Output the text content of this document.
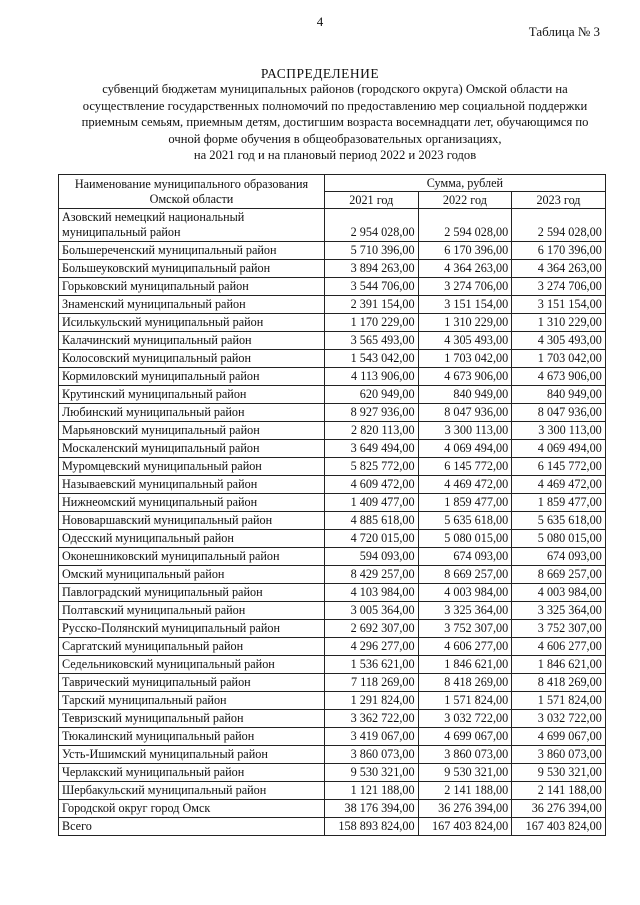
4
Таблица № 3
РАСПРЕДЕЛЕНИЕ
субвенций бюджетам муниципальных районов (городского округа) Омской области на
осуществление государственных полномочий по предоставлению мер социальной поддержки
приемным семьям, приемным детям, достигшим возраста восемнадцати лет, обучающимся по
очной форме обучения в общеобразовательных организациях,
на 2021 год и на плановый период 2022 и 2023 годов
Наименование муниципального образования Омской области	Сумма, рублей		
	2021 год	2022 год	2023 год
Азовский немецкий национальный муниципальный район	2 954 028,00	2 594 028,00	2 594 028,00
Большереченский муниципальный район	5 710 396,00	6 170 396,00	6 170 396,00
Большеуковский муниципальный район	3 894 263,00	4 364 263,00	4 364 263,00
Горьковский муниципальный район	3 544 706,00	3 274 706,00	3 274 706,00
Знаменский муниципальный район	2 391 154,00	3 151 154,00	3 151 154,00
Исилькульский муниципальный район	1 170 229,00	1 310 229,00	1 310 229,00
Калачинский муниципальный район	3 565 493,00	4 305 493,00	4 305 493,00
Колосовский муниципальный район	1 543 042,00	1 703 042,00	1 703 042,00
Кормиловский муниципальный район	4 113 906,00	4 673 906,00	4 673 906,00
Крутинский муниципальный район	620 949,00	840 949,00	840 949,00
Любинский муниципальный район	8 927 936,00	8 047 936,00	8 047 936,00
Марьяновский муниципальный район	2 820 113,00	3 300 113,00	3 300 113,00
Москаленский муниципальный район	3 649 494,00	4 069 494,00	4 069 494,00
Муромцевский муниципальный район	5 825 772,00	6 145 772,00	6 145 772,00
Называевский муниципальный район	4 609 472,00	4 469 472,00	4 469 472,00
Нижнеомский муниципальный район	1 409 477,00	1 859 477,00	1 859 477,00
Нововаршавский муниципальный район	4 885 618,00	5 635 618,00	5 635 618,00
Одесский муниципальный район	4 720 015,00	5 080 015,00	5 080 015,00
Оконешниковский муниципальный район	594 093,00	674 093,00	674 093,00
Омский муниципальный район	8 429 257,00	8 669 257,00	8 669 257,00
Павлоградский муниципальный район	4 103 984,00	4 003 984,00	4 003 984,00
Полтавский муниципальный район	3 005 364,00	3 325 364,00	3 325 364,00
Русско-Полянский муниципальный район	2 692 307,00	3 752 307,00	3 752 307,00
Саргатский муниципальный район	4 296 277,00	4 606 277,00	4 606 277,00
Седельниковский муниципальный район	1 536 621,00	1 846 621,00	1 846 621,00
Таврический муниципальный район	7 118 269,00	8 418 269,00	8 418 269,00
Тарский муниципальный район	1 291 824,00	1 571 824,00	1 571 824,00
Тевризский муниципальный район	3 362 722,00	3 032 722,00	3 032 722,00
Тюкалинский муниципальный район	3 419 067,00	4 699 067,00	4 699 067,00
Усть-Ишимский муниципальный район	3 860 073,00	3 860 073,00	3 860 073,00
Черлакский муниципальный район	9 530 321,00	9 530 321,00	9 530 321,00
Шербакульский муниципальный район	1 121 188,00	2 141 188,00	2 141 188,00
Городской округ город Омск	38 176 394,00	36 276 394,00	36 276 394,00
Всего	158 893 824,00	167 403 824,00	167 403 824,00
